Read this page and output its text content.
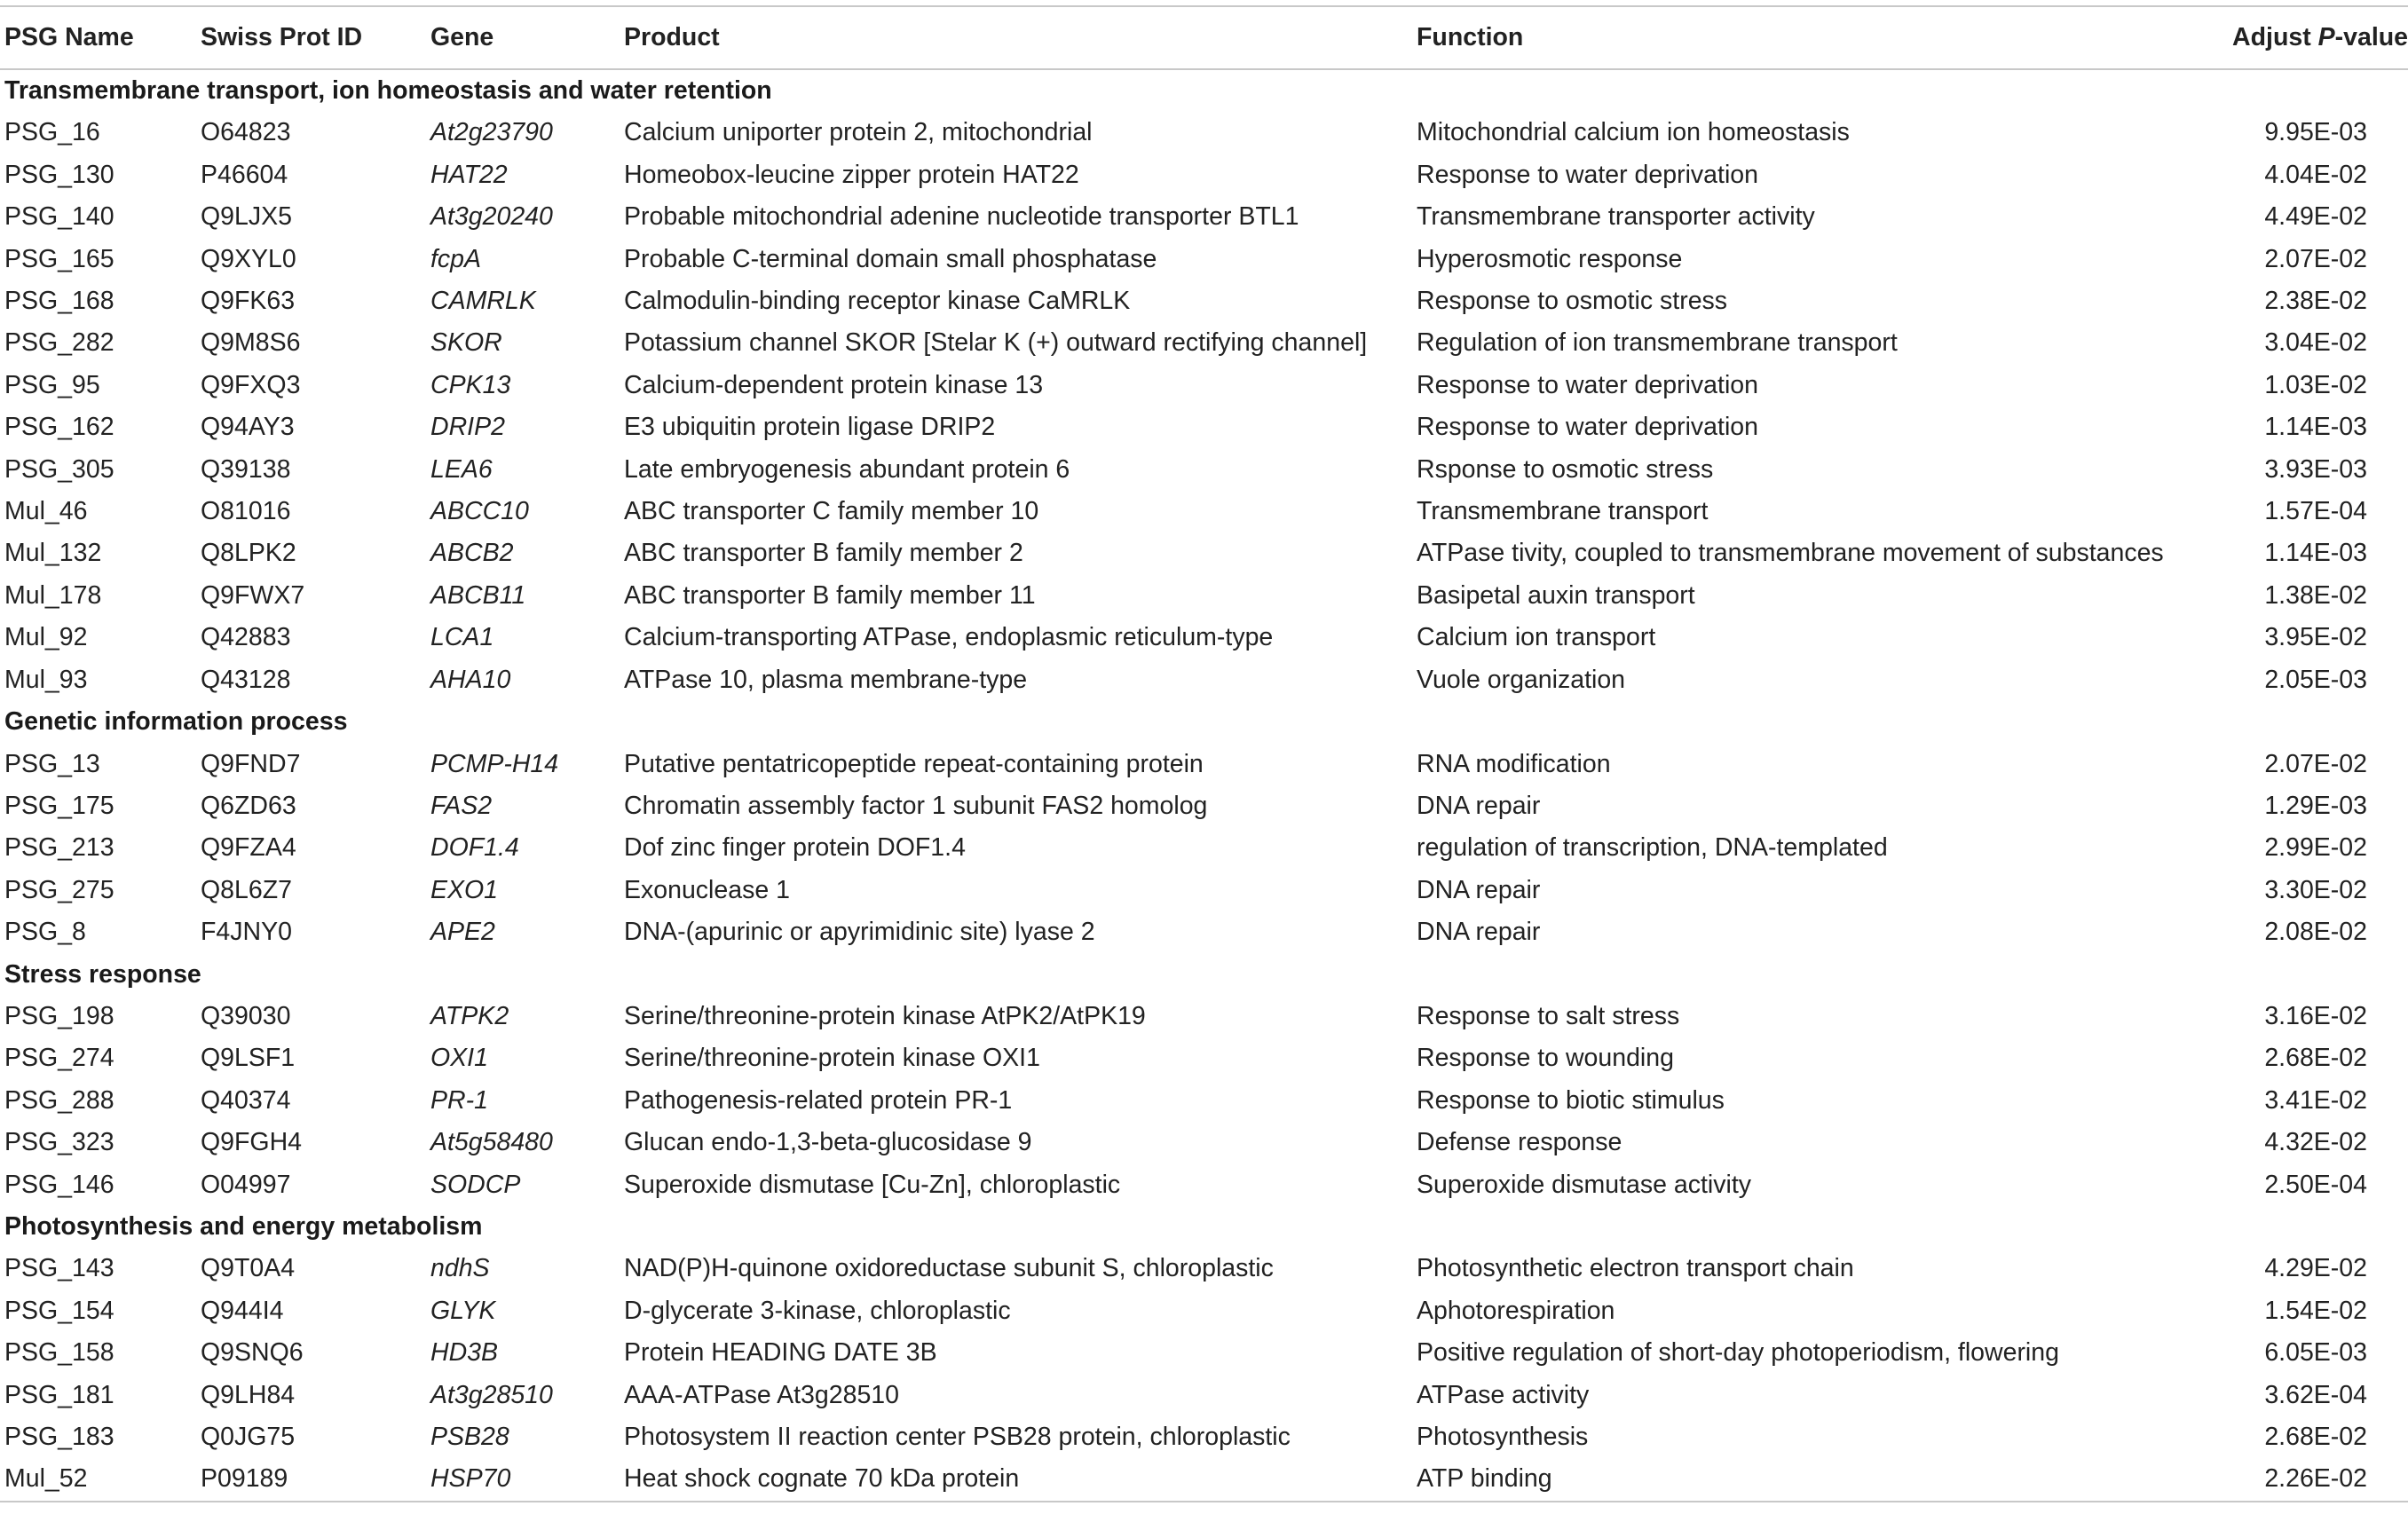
PSG Name	Swiss Prot ID	Gene	Product	Function	Adjust P-value
Transmembrane transport, ion homeostasis and water retention					
PSG_16	O64823	At2g23790	Calcium uniporter protein 2, mitochondrial	Mitochondrial calcium ion homeostasis	9.95E-03
PSG_130	P46604	HAT22	Homeobox-leucine zipper protein HAT22	Response to water deprivation	4.04E-02
PSG_140	Q9LJX5	At3g20240	Probable mitochondrial adenine nucleotide transporter BTL1	Transmembrane transporter activity	4.49E-02
PSG_165	Q9XYL0	fcpA	Probable C-terminal domain small phosphatase	Hyperosmotic response	2.07E-02
PSG_168	Q9FK63	CAMRLK	Calmodulin-binding receptor kinase CaMRLK	Response to osmotic stress	2.38E-02
PSG_282	Q9M8S6	SKOR	Potassium channel SKOR [Stelar K (+) outward rectifying channel]	Regulation of ion transmembrane transport	3.04E-02
PSG_95	Q9FXQ3	CPK13	Calcium-dependent protein kinase 13	Response to water deprivation	1.03E-02
PSG_162	Q94AY3	DRIP2	E3 ubiquitin protein ligase DRIP2	Response to water deprivation	1.14E-03
PSG_305	Q39138	LEA6	Late embryogenesis abundant protein 6	Rsponse to osmotic stress	3.93E-03
Mul_46	O81016	ABCC10	ABC transporter C family member 10	Transmembrane transport	1.57E-04
Mul_132	Q8LPK2	ABCB2	ABC transporter B family member 2	ATPase tivity, coupled to transmembrane movement of substances	1.14E-03
Mul_178	Q9FWX7	ABCB11	ABC transporter B family member 11	Basipetal auxin transport	1.38E-02
Mul_92	Q42883	LCA1	Calcium-transporting ATPase, endoplasmic reticulum-type	Calcium ion transport	3.95E-02
Mul_93	Q43128	AHA10	ATPase 10, plasma membrane-type	Vuole organization	2.05E-03
Genetic information process					
PSG_13	Q9FND7	PCMP-H14	Putative pentatricopeptide repeat-containing protein	RNA modification	2.07E-02
PSG_175	Q6ZD63	FAS2	Chromatin assembly factor 1 subunit FAS2 homolog	DNA repair	1.29E-03
PSG_213	Q9FZA4	DOF1.4	Dof zinc finger protein DOF1.4	regulation of transcription, DNA-templated	2.99E-02
PSG_275	Q8L6Z7	EXO1	Exonuclease 1	DNA repair	3.30E-02
PSG_8	F4JNY0	APE2	DNA-(apurinic or apyrimidinic site) lyase 2	DNA repair	2.08E-02
Stress response					
PSG_198	Q39030	ATPK2	Serine/threonine-protein kinase AtPK2/AtPK19	Response to salt stress	3.16E-02
PSG_274	Q9LSF1	OXI1	Serine/threonine-protein kinase OXI1	Response to wounding	2.68E-02
PSG_288	Q40374	PR-1	Pathogenesis-related protein PR-1	Response to biotic stimulus	3.41E-02
PSG_323	Q9FGH4	At5g58480	Glucan endo-1,3-beta-glucosidase 9	Defense response	4.32E-02
PSG_146	O04997	SODCP	Superoxide dismutase [Cu-Zn], chloroplastic	Superoxide dismutase activity	2.50E-04
Photosynthesis and energy metabolism					
PSG_143	Q9T0A4	ndhS	NAD(P)H-quinone oxidoreductase subunit S, chloroplastic	Photosynthetic electron transport chain	4.29E-02
PSG_154	Q944I4	GLYK	D-glycerate 3-kinase, chloroplastic	Aphotorespiration	1.54E-02
PSG_158	Q9SNQ6	HD3B	Protein HEADING DATE 3B	Positive regulation of short-day photoperiodism, flowering	6.05E-03
PSG_181	Q9LH84	At3g28510	AAA-ATPase At3g28510	ATPase activity	3.62E-04
PSG_183	Q0JG75	PSB28	Photosystem II reaction center PSB28 protein, chloroplastic	Photosynthesis	2.68E-02
Mul_52	P09189	HSP70	Heat shock cognate 70 kDa protein	ATP binding	2.26E-02
